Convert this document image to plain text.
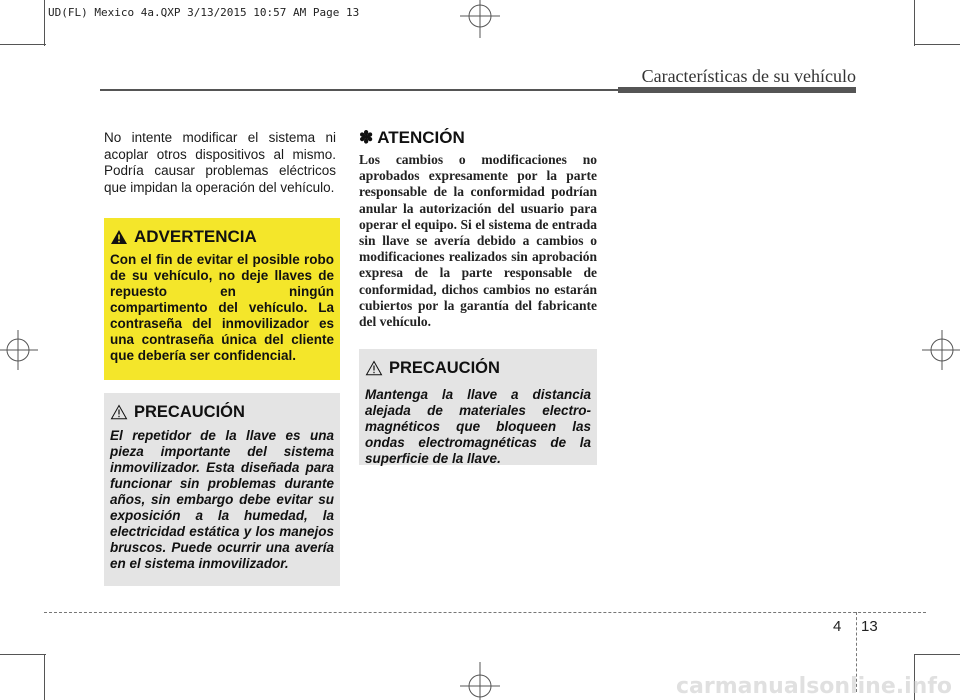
UD(FL) Mexico 4a.QXP 3/13/2015 10:57 AM Page 13
Características de su vehículo

No intente modificar el sistema ni acoplar otros dispositivos al mismo. Podría causar problemas eléctricos que impidan la operación del vehículo.

ADVERTENCIA

Con el fin de evitar el posible robo de su vehículo, no deje llaves de repuesto en ningún compartimento del vehículo. La contraseña del inmovilizador es una contraseña única del cliente que debería ser confidencial.

PRECAUCIÓN

El repetidor de la llave es una pieza importante del sistema inmovilizador. Esta diseñada para funcionar sin problemas durante años, sin embargo debe evitar su exposición a la humedad, la electricidad estática y los manejos bruscos. Puede ocurrir una avería en el sistema inmovilizador.

✽ ATENCIÓN

Los cambios o modificaciones no aprobados expresamente por la parte responsable de la conformidad podrían anular la autorización del usuario para operar el equipo. Si el sistema de entrada sin llave se avería debido a cambios o modificaciones realizados sin aprobación expresa de la parte responsable de conformidad, dichos cambios no estarán cubiertos por la garantía del fabricante del vehículo.

PRECAUCIÓN

Mantenga la llave a distancia alejada de materiales electro- magnéticos que bloqueen las ondas electromagnéticas de la superficie de la llave.

4 13
carmanualsonline.info
